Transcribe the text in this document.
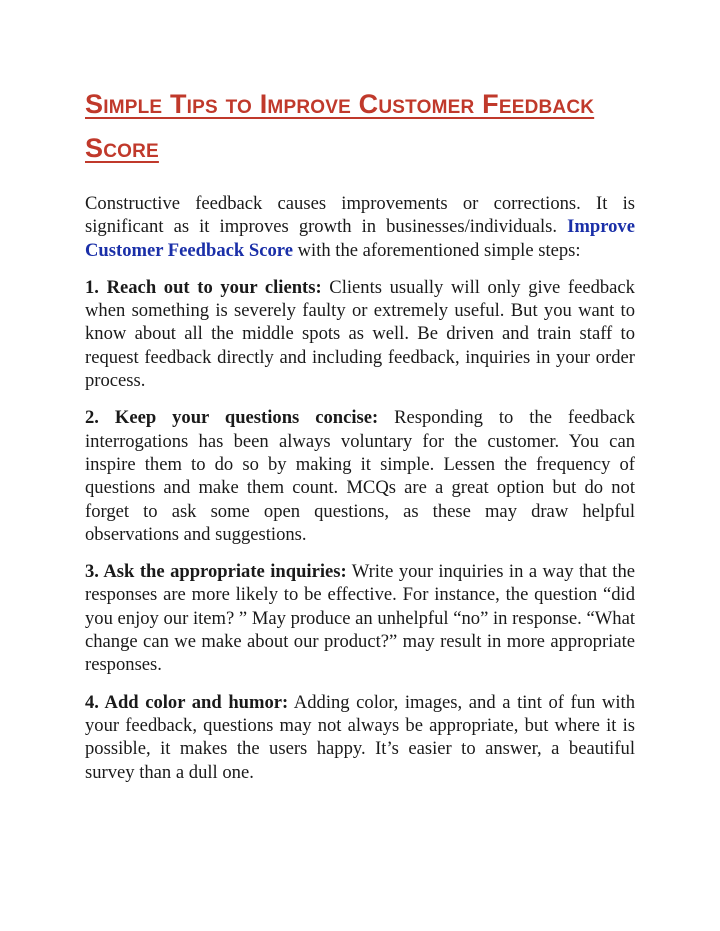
Simple Tips to Improve Customer Feedback Score

Constructive feedback causes improvements or corrections. It is significant as it improves growth in businesses/individuals. Improve Customer Feedback Score with the aforementioned simple steps:

1. Reach out to your clients: Clients usually will only give feedback when something is severely faulty or extremely useful. But you want to know about all the middle spots as well. Be driven and train staff to request feedback directly and including feedback, inquiries in your order process.

2. Keep your questions concise: Responding to the feedback interrogations has been always voluntary for the customer. You can inspire them to do so by making it simple. Lessen the frequency of questions and make them count. MCQs are a great option but do not forget to ask some open questions, as these may draw helpful observations and suggestions.

3. Ask the appropriate inquiries: Write your inquiries in a way that the responses are more likely to be effective. For instance, the question “did you enjoy our item? ” May produce an unhelpful “no” in response. “What change can we make about our product?” may result in more appropriate responses.

4. Add color and humor: Adding color, images, and a tint of fun with your feedback, questions may not always be appropriate, but where it is possible, it makes the users happy. It’s easier to answer, a beautiful survey than a dull one.
